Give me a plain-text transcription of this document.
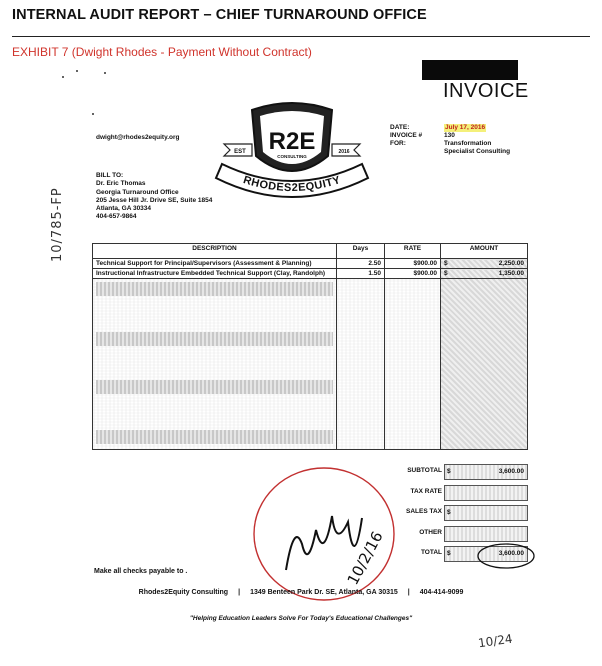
INTERNAL AUDIT REPORT – CHIEF TURNAROUND OFFICE
EXHIBIT 7 (Dwight Rhodes - Payment Without Contract)
INVOICE
R2E
CONSULTING
EST	2016
RHODES2EQUITY
dwight@rhodes2equity.org
DATE:	July 17, 2016
INVOICE #	130
FOR:	Transformation
Specialist Consulting
BILL TO:
Dr. Eric Thomas
Georgia Turnaround Office
205 Jesse Hill Jr. Drive SE, Suite 1854
Atlanta, GA 30334
404-657-9864
10/785-FP	DESCRIPTION	Days	RATE	AMOUNT
Technical Support for Principal/Supervisors (Assessment & Planning)	2.50	$900.00	$ 2,250.00
Instructional Infrastructure Embedded Technical Support (Clay, Randolph)	1.50	$900.00	$ 1,350.00

SUBTOTAL $	3,600.00
TAX RATE
SALES TAX $
OTHER
TOTAL $	3,600.00
10/2/16
Make all checks payable to .
Rhodes2Equity Consulting | 1349 Benteen Park Dr. SE, Atlanta, GA 30315 | 404-414-9099
"Helping Education Leaders Solve For Today's Educational Challenges"
10/24
